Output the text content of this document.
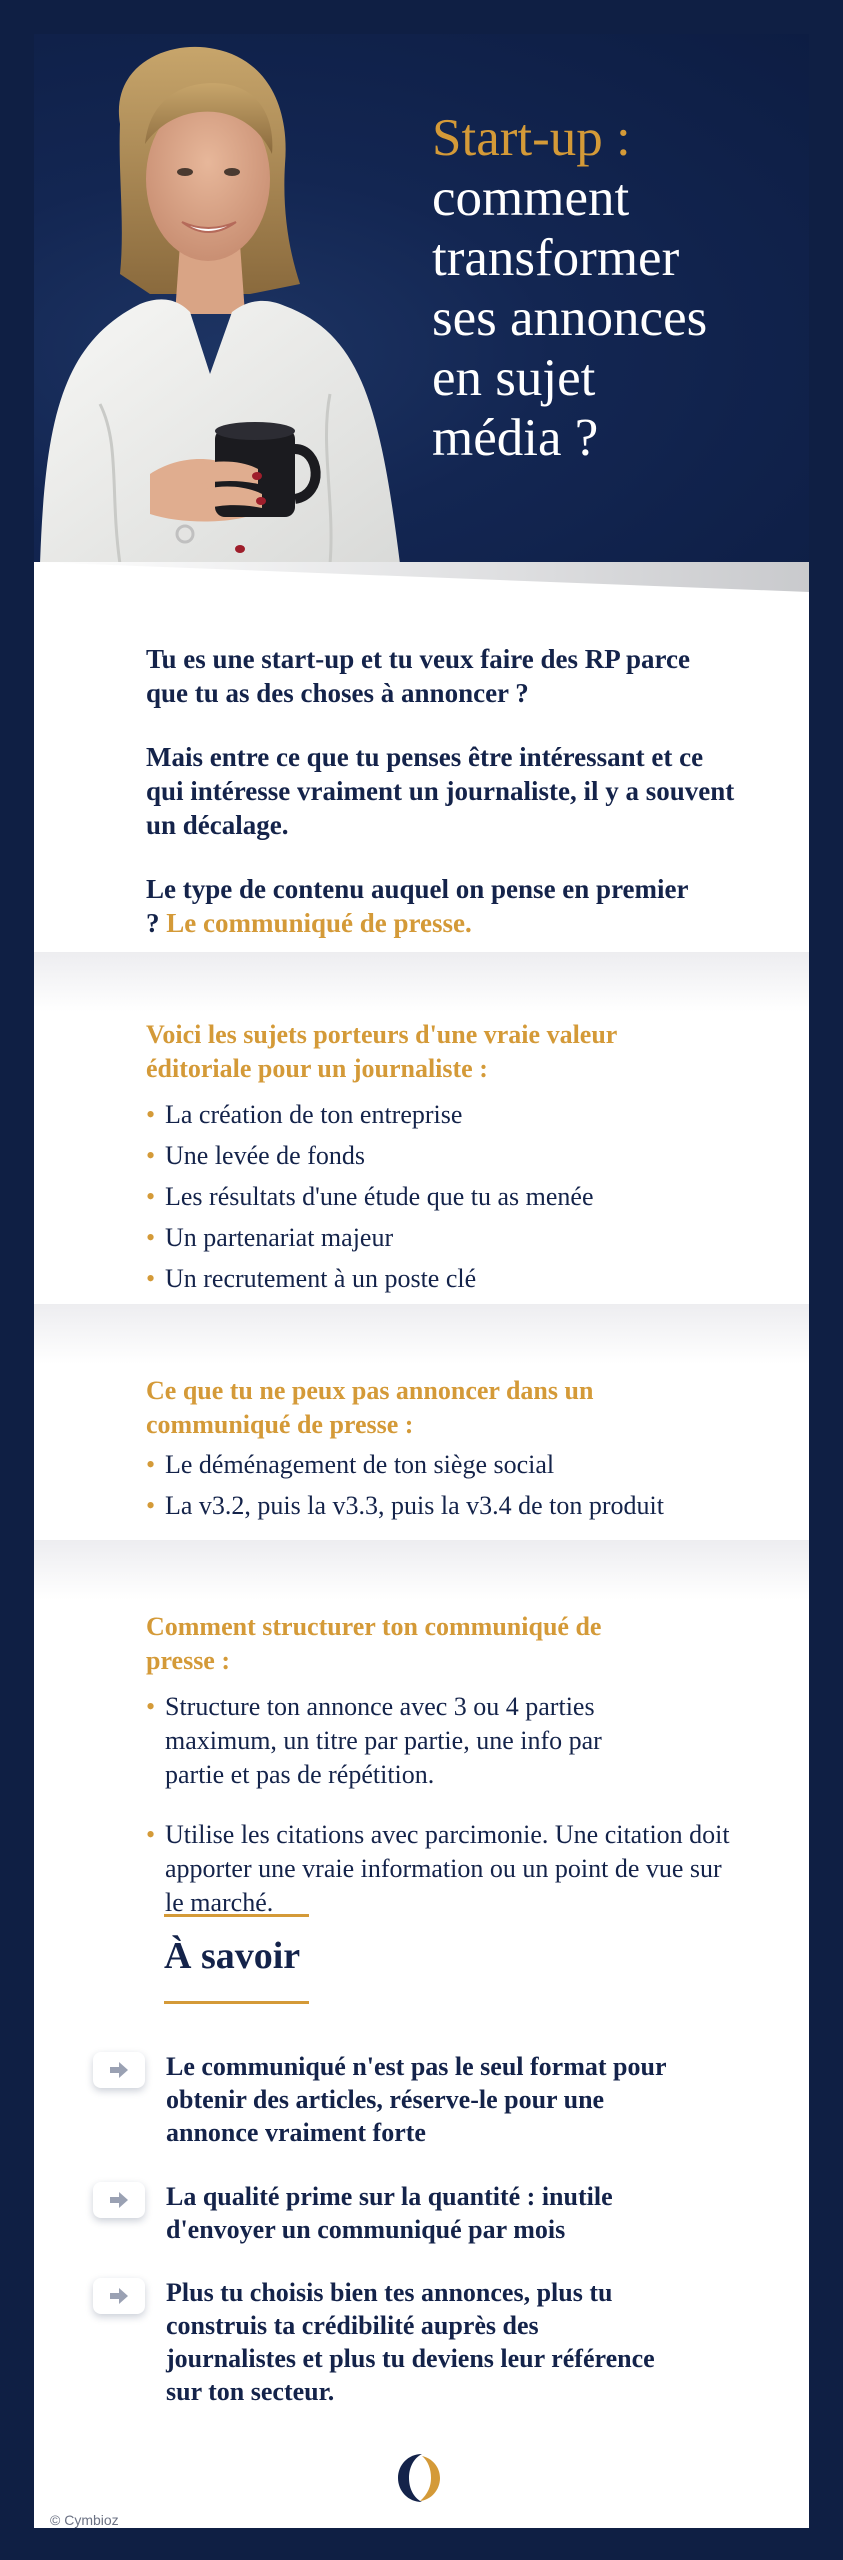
Start-up :
comment
transformer
ses annonces
en sujet
média ?

Tu es une start-up et tu veux faire des RP parce que tu as des choses à annoncer ?

Mais entre ce que tu penses être intéressant et ce qui intéresse vraiment un journaliste, il y a souvent un décalage.

Le type de contenu auquel on pense en premier ? Le communiqué de presse.

Voici les sujets porteurs d'une vraie valeur éditoriale pour un journaliste :
• La création de ton entreprise
• Une levée de fonds
• Les résultats d'une étude que tu as menée
• Un partenariat majeur
• Un recrutement à un poste clé
Ce que tu ne peux pas annoncer dans un communiqué de presse :
• Le déménagement de ton siège social
• La v3.2, puis la v3.3, puis la v3.4 de ton produit
Comment structurer ton communiqué de presse :
• Structure ton annonce avec 3 ou 4 parties maximum, un titre par partie, une info par partie et pas de répétition.
• Utilise les citations avec parcimonie. Une citation doit apporter une vraie information ou un point de vue sur le marché.
À savoir
Le communiqué n'est pas le seul format pour obtenir des articles, réserve-le pour une annonce vraiment forte
La qualité prime sur la quantité : inutile d'envoyer un communiqué par mois
Plus tu choisis bien tes annonces, plus tu construis ta crédibilité auprès des journalistes et plus tu deviens leur référence sur ton secteur.
© Cymbioz
